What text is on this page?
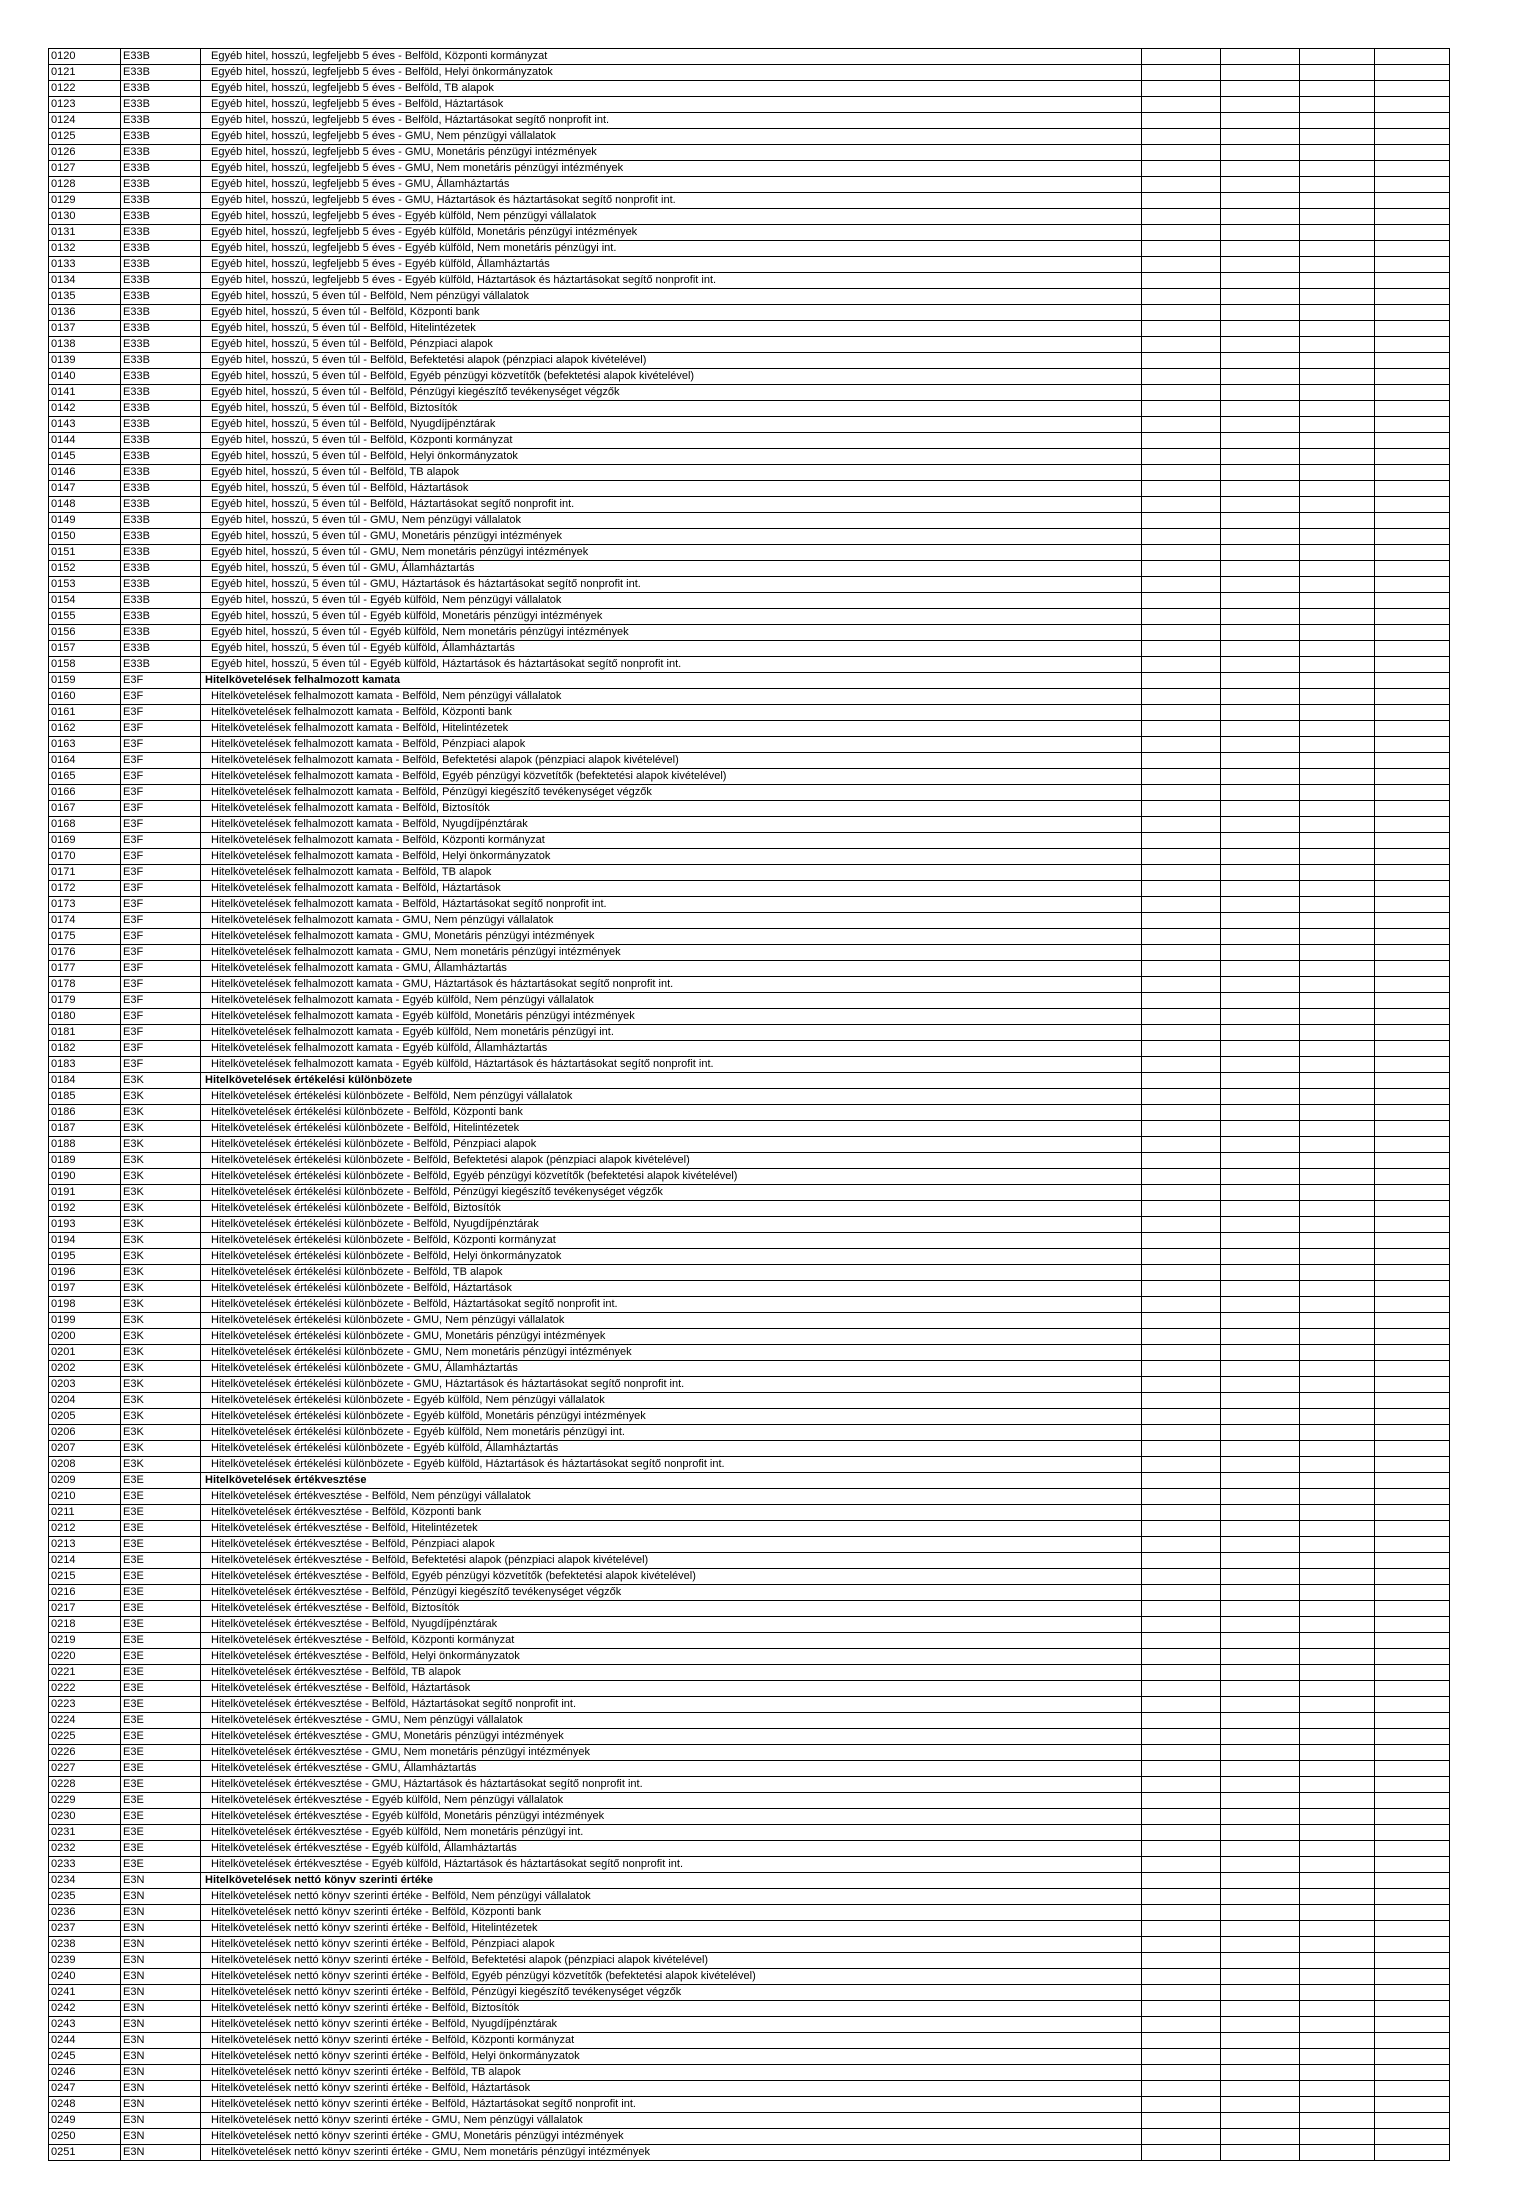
0120	E33B	Egyéb hitel, hosszú, legfeljebb 5 éves - Belföld, Központi kormányzat				
0121	E33B	Egyéb hitel, hosszú, legfeljebb 5 éves - Belföld, Helyi önkormányzatok				
0122	E33B	Egyéb hitel, hosszú, legfeljebb 5 éves - Belföld, TB alapok				
0123	E33B	Egyéb hitel, hosszú, legfeljebb 5 éves - Belföld, Háztartások				
0124	E33B	Egyéb hitel, hosszú, legfeljebb 5 éves - Belföld, Háztartásokat segítő nonprofit int.				
0125	E33B	Egyéb hitel, hosszú, legfeljebb 5 éves - GMU, Nem pénzügyi vállalatok				
0126	E33B	Egyéb hitel, hosszú, legfeljebb 5 éves - GMU, Monetáris pénzügyi intézmények				
0127	E33B	Egyéb hitel, hosszú, legfeljebb 5 éves - GMU, Nem monetáris pénzügyi intézmények				
0128	E33B	Egyéb hitel, hosszú, legfeljebb 5 éves - GMU, Államháztartás				
0129	E33B	Egyéb hitel, hosszú, legfeljebb 5 éves - GMU, Háztartások és háztartásokat segítő nonprofit int.				
0130	E33B	Egyéb hitel, hosszú, legfeljebb 5 éves - Egyéb külföld, Nem pénzügyi vállalatok				
0131	E33B	Egyéb hitel, hosszú, legfeljebb 5 éves - Egyéb külföld, Monetáris pénzügyi intézmények				
0132	E33B	Egyéb hitel, hosszú, legfeljebb 5 éves - Egyéb külföld, Nem monetáris pénzügyi int.				
0133	E33B	Egyéb hitel, hosszú, legfeljebb 5 éves - Egyéb külföld, Államháztartás				
0134	E33B	Egyéb hitel, hosszú, legfeljebb 5 éves - Egyéb külföld, Háztartások és háztartásokat segítő nonprofit int.				
0135	E33B	Egyéb hitel, hosszú, 5 éven túl - Belföld, Nem pénzügyi vállalatok				
0136	E33B	Egyéb hitel, hosszú, 5 éven túl - Belföld, Központi bank				
0137	E33B	Egyéb hitel, hosszú, 5 éven túl - Belföld, Hitelintézetek				
0138	E33B	Egyéb hitel, hosszú, 5 éven túl - Belföld, Pénzpiaci alapok				
0139	E33B	Egyéb hitel, hosszú, 5 éven túl - Belföld, Befektetési alapok (pénzpiaci alapok kivételével)				
0140	E33B	Egyéb hitel, hosszú, 5 éven túl - Belföld, Egyéb pénzügyi közvetítők (befektetési alapok kivételével)				
0141	E33B	Egyéb hitel, hosszú, 5 éven túl - Belföld, Pénzügyi kiegészítő tevékenységet végzők				
0142	E33B	Egyéb hitel, hosszú, 5 éven túl - Belföld, Biztosítók				
0143	E33B	Egyéb hitel, hosszú, 5 éven túl - Belföld, Nyugdíjpénztárak				
0144	E33B	Egyéb hitel, hosszú, 5 éven túl - Belföld, Központi kormányzat				
0145	E33B	Egyéb hitel, hosszú, 5 éven túl - Belföld, Helyi önkormányzatok				
0146	E33B	Egyéb hitel, hosszú, 5 éven túl - Belföld, TB alapok				
0147	E33B	Egyéb hitel, hosszú, 5 éven túl - Belföld, Háztartások				
0148	E33B	Egyéb hitel, hosszú, 5 éven túl - Belföld, Háztartásokat segítő nonprofit int.				
0149	E33B	Egyéb hitel, hosszú, 5 éven túl - GMU, Nem pénzügyi vállalatok				
0150	E33B	Egyéb hitel, hosszú, 5 éven túl - GMU, Monetáris pénzügyi intézmények				
0151	E33B	Egyéb hitel, hosszú, 5 éven túl - GMU, Nem monetáris pénzügyi intézmények				
0152	E33B	Egyéb hitel, hosszú, 5 éven túl - GMU, Államháztartás				
0153	E33B	Egyéb hitel, hosszú, 5 éven túl - GMU, Háztartások és háztartásokat segítő nonprofit int.				
0154	E33B	Egyéb hitel, hosszú, 5 éven túl - Egyéb külföld, Nem pénzügyi vállalatok				
0155	E33B	Egyéb hitel, hosszú, 5 éven túl - Egyéb külföld, Monetáris pénzügyi intézmények				
0156	E33B	Egyéb hitel, hosszú, 5 éven túl - Egyéb külföld, Nem monetáris pénzügyi intézmények				
0157	E33B	Egyéb hitel, hosszú, 5 éven túl - Egyéb külföld, Államháztartás				
0158	E33B	Egyéb hitel, hosszú, 5 éven túl - Egyéb külföld, Háztartások és háztartásokat segítő nonprofit int.				
0159	E3F	Hitelkövetelések felhalmozott kamata				
0160	E3F	Hitelkövetelések felhalmozott kamata - Belföld, Nem pénzügyi vállalatok				
0161	E3F	Hitelkövetelések felhalmozott kamata - Belföld, Központi bank				
0162	E3F	Hitelkövetelések felhalmozott kamata - Belföld, Hitelintézetek				
0163	E3F	Hitelkövetelések felhalmozott kamata - Belföld, Pénzpiaci alapok				
0164	E3F	Hitelkövetelések felhalmozott kamata - Belföld, Befektetési alapok (pénzpiaci alapok kivételével)				
0165	E3F	Hitelkövetelések felhalmozott kamata - Belföld, Egyéb pénzügyi közvetítők (befektetési alapok kivételével)				
0166	E3F	Hitelkövetelések felhalmozott kamata - Belföld, Pénzügyi kiegészítő tevékenységet végzők				
0167	E3F	Hitelkövetelések felhalmozott kamata - Belföld, Biztosítók				
0168	E3F	Hitelkövetelések felhalmozott kamata - Belföld, Nyugdíjpénztárak				
0169	E3F	Hitelkövetelések felhalmozott kamata - Belföld, Központi kormányzat				
0170	E3F	Hitelkövetelések felhalmozott kamata - Belföld, Helyi önkormányzatok				
0171	E3F	Hitelkövetelések felhalmozott kamata - Belföld, TB alapok				
0172	E3F	Hitelkövetelések felhalmozott kamata - Belföld, Háztartások				
0173	E3F	Hitelkövetelések felhalmozott kamata - Belföld, Háztartásokat segítő nonprofit int.				
0174	E3F	Hitelkövetelések felhalmozott kamata - GMU, Nem pénzügyi vállalatok				
0175	E3F	Hitelkövetelések felhalmozott kamata - GMU, Monetáris pénzügyi intézmények				
0176	E3F	Hitelkövetelések felhalmozott kamata - GMU, Nem monetáris pénzügyi intézmények				
0177	E3F	Hitelkövetelések felhalmozott kamata - GMU, Államháztartás				
0178	E3F	Hitelkövetelések felhalmozott kamata - GMU, Háztartások és háztartásokat segítő nonprofit int.				
0179	E3F	Hitelkövetelések felhalmozott kamata - Egyéb külföld, Nem pénzügyi vállalatok				
0180	E3F	Hitelkövetelések felhalmozott kamata - Egyéb külföld, Monetáris pénzügyi intézmények				
0181	E3F	Hitelkövetelések felhalmozott kamata - Egyéb külföld, Nem monetáris pénzügyi int.				
0182	E3F	Hitelkövetelések felhalmozott kamata - Egyéb külföld, Államháztartás				
0183	E3F	Hitelkövetelések felhalmozott kamata - Egyéb külföld, Háztartások és háztartásokat segítő nonprofit int.				
0184	E3K	Hitelkövetelések értékelési különbözete				
0185	E3K	Hitelkövetelések értékelési különbözete - Belföld, Nem pénzügyi vállalatok				
0186	E3K	Hitelkövetelések értékelési különbözete - Belföld, Központi bank				
0187	E3K	Hitelkövetelések értékelési különbözete - Belföld, Hitelintézetek				
0188	E3K	Hitelkövetelések értékelési különbözete - Belföld, Pénzpiaci alapok				
0189	E3K	Hitelkövetelések értékelési különbözete - Belföld, Befektetési alapok (pénzpiaci alapok kivételével)				
0190	E3K	Hitelkövetelések értékelési különbözete - Belföld, Egyéb pénzügyi közvetítők (befektetési alapok kivételével)				
0191	E3K	Hitelkövetelések értékelési különbözete - Belföld, Pénzügyi kiegészítő tevékenységet végzők				
0192	E3K	Hitelkövetelések értékelési különbözete - Belföld, Biztosítók				
0193	E3K	Hitelkövetelések értékelési különbözete - Belföld, Nyugdíjpénztárak				
0194	E3K	Hitelkövetelések értékelési különbözete - Belföld, Központi kormányzat				
0195	E3K	Hitelkövetelések értékelési különbözete - Belföld, Helyi önkormányzatok				
0196	E3K	Hitelkövetelések értékelési különbözete - Belföld, TB alapok				
0197	E3K	Hitelkövetelések értékelési különbözete - Belföld, Háztartások				
0198	E3K	Hitelkövetelések értékelési különbözete - Belföld, Háztartásokat segítő nonprofit int.				
0199	E3K	Hitelkövetelések értékelési különbözete - GMU, Nem pénzügyi vállalatok				
0200	E3K	Hitelkövetelések értékelési különbözete - GMU, Monetáris pénzügyi intézmények				
0201	E3K	Hitelkövetelések értékelési különbözete - GMU, Nem monetáris pénzügyi intézmények				
0202	E3K	Hitelkövetelések értékelési különbözete - GMU, Államháztartás				
0203	E3K	Hitelkövetelések értékelési különbözete - GMU, Háztartások és háztartásokat segítő nonprofit int.				
0204	E3K	Hitelkövetelések értékelési különbözete - Egyéb külföld, Nem pénzügyi vállalatok				
0205	E3K	Hitelkövetelések értékelési különbözete - Egyéb külföld, Monetáris pénzügyi intézmények				
0206	E3K	Hitelkövetelések értékelési különbözete - Egyéb külföld, Nem monetáris pénzügyi int.				
0207	E3K	Hitelkövetelések értékelési különbözete - Egyéb külföld, Államháztartás				
0208	E3K	Hitelkövetelések értékelési különbözete - Egyéb külföld, Háztartások és háztartásokat segítő nonprofit int.				
0209	E3E	Hitelkövetelések értékvesztése				
0210	E3E	Hitelkövetelések értékvesztése - Belföld, Nem pénzügyi vállalatok				
0211	E3E	Hitelkövetelések értékvesztése - Belföld, Központi bank				
0212	E3E	Hitelkövetelések értékvesztése - Belföld, Hitelintézetek				
0213	E3E	Hitelkövetelések értékvesztése - Belföld, Pénzpiaci alapok				
0214	E3E	Hitelkövetelések értékvesztése - Belföld, Befektetési alapok (pénzpiaci alapok kivételével)				
0215	E3E	Hitelkövetelések értékvesztése - Belföld, Egyéb pénzügyi közvetítők (befektetési alapok kivételével)				
0216	E3E	Hitelkövetelések értékvesztése - Belföld, Pénzügyi kiegészítő tevékenységet végzők				
0217	E3E	Hitelkövetelések értékvesztése - Belföld, Biztosítók				
0218	E3E	Hitelkövetelések értékvesztése - Belföld, Nyugdíjpénztárak				
0219	E3E	Hitelkövetelések értékvesztése - Belföld, Központi kormányzat				
0220	E3E	Hitelkövetelések értékvesztése - Belföld, Helyi önkormányzatok				
0221	E3E	Hitelkövetelések értékvesztése - Belföld, TB alapok				
0222	E3E	Hitelkövetelések értékvesztése - Belföld, Háztartások				
0223	E3E	Hitelkövetelések értékvesztése - Belföld, Háztartásokat segítő nonprofit int.				
0224	E3E	Hitelkövetelések értékvesztése - GMU, Nem pénzügyi vállalatok				
0225	E3E	Hitelkövetelések értékvesztése - GMU, Monetáris pénzügyi intézmények				
0226	E3E	Hitelkövetelések értékvesztése - GMU, Nem monetáris pénzügyi intézmények				
0227	E3E	Hitelkövetelések értékvesztése - GMU, Államháztartás				
0228	E3E	Hitelkövetelések értékvesztése - GMU, Háztartások és háztartásokat segítő nonprofit int.				
0229	E3E	Hitelkövetelések értékvesztése - Egyéb külföld, Nem pénzügyi vállalatok				
0230	E3E	Hitelkövetelések értékvesztése - Egyéb külföld, Monetáris pénzügyi intézmények				
0231	E3E	Hitelkövetelések értékvesztése - Egyéb külföld, Nem monetáris pénzügyi int.				
0232	E3E	Hitelkövetelések értékvesztése - Egyéb külföld, Államháztartás				
0233	E3E	Hitelkövetelések értékvesztése - Egyéb külföld, Háztartások és háztartásokat segítő nonprofit int.				
0234	E3N	Hitelkövetelések nettó könyv szerinti értéke				
0235	E3N	Hitelkövetelések nettó könyv szerinti értéke - Belföld, Nem pénzügyi vállalatok				
0236	E3N	Hitelkövetelések nettó könyv szerinti értéke - Belföld, Központi bank				
0237	E3N	Hitelkövetelések nettó könyv szerinti értéke - Belföld, Hitelintézetek				
0238	E3N	Hitelkövetelések nettó könyv szerinti értéke - Belföld, Pénzpiaci alapok				
0239	E3N	Hitelkövetelések nettó könyv szerinti értéke - Belföld, Befektetési alapok (pénzpiaci alapok kivételével)				
0240	E3N	Hitelkövetelések nettó könyv szerinti értéke - Belföld, Egyéb pénzügyi közvetítők (befektetési alapok kivételével)				
0241	E3N	Hitelkövetelések nettó könyv szerinti értéke - Belföld, Pénzügyi kiegészítő tevékenységet végzők				
0242	E3N	Hitelkövetelések nettó könyv szerinti értéke - Belföld, Biztosítók				
0243	E3N	Hitelkövetelések nettó könyv szerinti értéke - Belföld, Nyugdíjpénztárak				
0244	E3N	Hitelkövetelések nettó könyv szerinti értéke - Belföld, Központi kormányzat				
0245	E3N	Hitelkövetelések nettó könyv szerinti értéke - Belföld, Helyi önkormányzatok				
0246	E3N	Hitelkövetelések nettó könyv szerinti értéke - Belföld, TB alapok				
0247	E3N	Hitelkövetelések nettó könyv szerinti értéke - Belföld, Háztartások				
0248	E3N	Hitelkövetelések nettó könyv szerinti értéke - Belföld, Háztartásokat segítő nonprofit int.				
0249	E3N	Hitelkövetelések nettó könyv szerinti értéke - GMU, Nem pénzügyi vállalatok				
0250	E3N	Hitelkövetelések nettó könyv szerinti értéke - GMU, Monetáris pénzügyi intézmények				
0251	E3N	Hitelkövetelések nettó könyv szerinti értéke - GMU, Nem monetáris pénzügyi intézmények				
